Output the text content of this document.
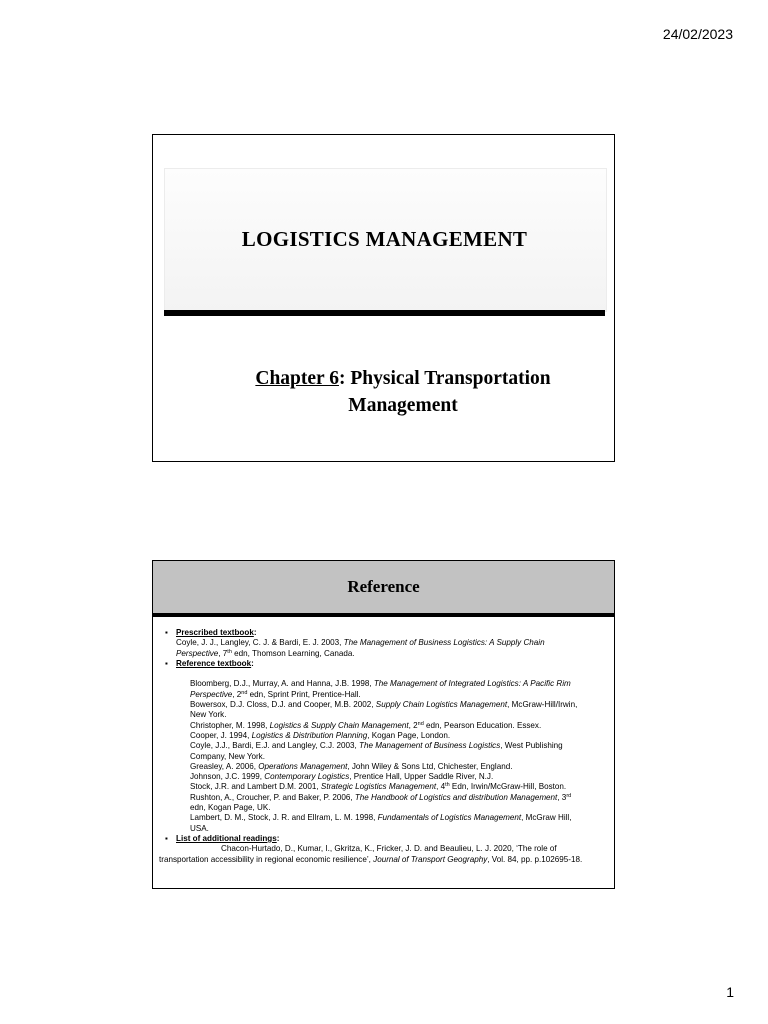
24/02/2023
LOGISTICS MANAGEMENT
Chapter 6: Physical Transportation
Management
Reference
▪ Prescribed textbook:
Coyle, J. J., Langley, C. J. & Bardi, E. J. 2003, The Management of Business Logistics: A Supply Chain Perspective, 7th edn, Thomson Learning, Canada.
▪ Reference textbook:
Bloomberg, D.J., Murray, A. and Hanna, J.B. 1998, The Management of Integrated Logistics: A Pacific Rim Perspective, 2nd edn, Sprint Print, Prentice-Hall.
Bowersox, D.J. Closs, D.J. and Cooper, M.B. 2002, Supply Chain Logistics Management, McGraw-Hill/Irwin, New York.
Christopher, M. 1998, Logistics & Supply Chain Management, 2nd edn, Pearson Education. Essex.
Cooper, J. 1994, Logistics & Distribution Planning, Kogan Page, London.
Coyle, J.J., Bardi, E.J. and Langley, C.J. 2003, The Management of Business Logistics, West Publishing Company, New York.
Greasley, A. 2006, Operations Management, John Wiley & Sons Ltd, Chichester, England.
Johnson, J.C. 1999, Contemporary Logistics, Prentice Hall, Upper Saddle River, N.J.
Stock, J.R. and Lambert D.M. 2001, Strategic Logistics Management, 4th Edn, Irwin/McGraw-Hill, Boston.
Rushton, A., Croucher, P. and Baker, P. 2006, The Handbook of Logistics and distribution Management, 3rd edn, Kogan Page, UK.
Lambert, D. M., Stock, J. R. and Ellram, L. M. 1998, Fundamentals of Logistics Management, McGraw Hill, USA.
▪ List of additional readings:
Chacon-Hurtado, D., Kumar, I., Gkritza, K., Fricker, J. D. and Beaulieu, L. J. 2020, ‘The role of transportation accessibility in regional economic resilience’, Journal of Transport Geography, Vol. 84, pp. p.102695-18.
1
